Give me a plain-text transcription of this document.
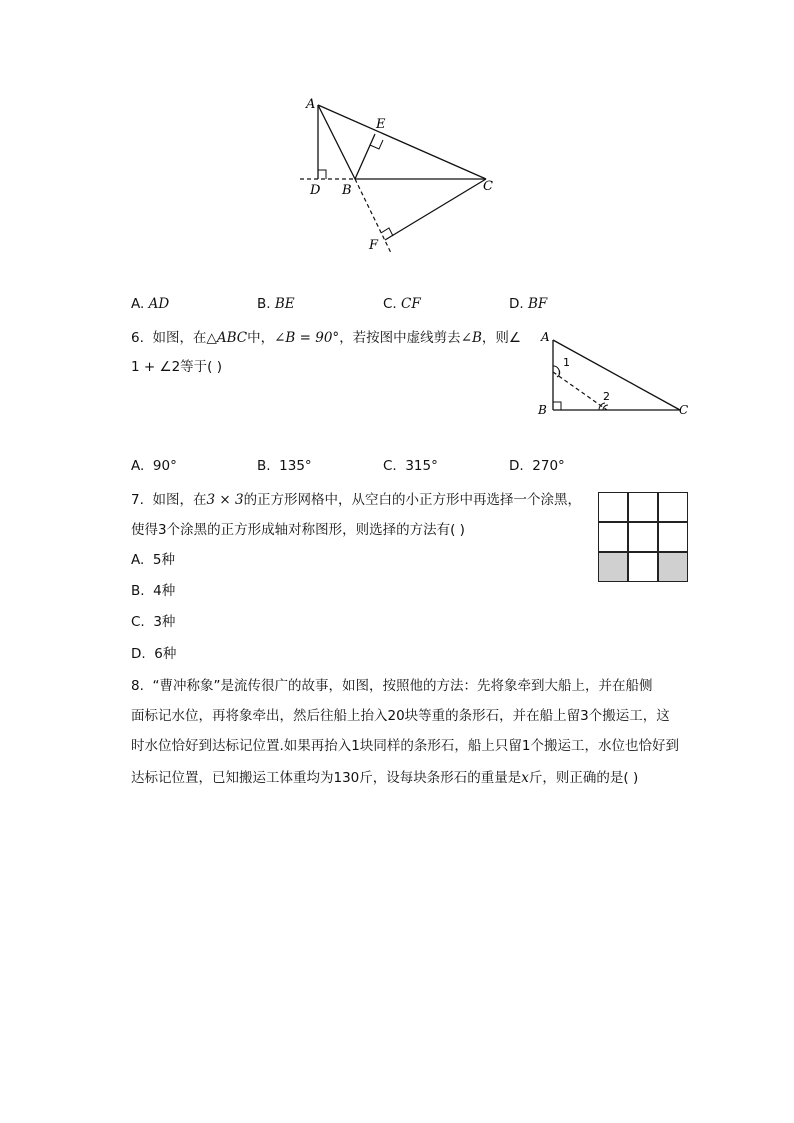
A
E
D B	C
F
A. AD	B. BE	C. CF	D. BF
6. 如图，在△ABC中，∠B = 90°，若按图中虚线剪去∠B，则∠
1 + ∠2等于( )
A
B	C
1
2
A. 90°	B. 135°	C. 315°	D. 270°
7. 如图，在3 × 3的正方形网格中，从空白的小正方形中再选择一个涂黑，
使得3个涂黑的正方形成轴对称图形，则选择的方法有( )
A. 5种
B. 4种
C. 3种
D. 6种
8. “曹冲称象”是流传很广的故事，如图，按照他的方法：先将象牵到大船上，并在船侧
面标记水位，再将象牵出，然后往船上抬入20块等重的条形石，并在船上留3个搬运工，这
时水位恰好到达标记位置.如果再抬入1块同样的条形石，船上只留1个搬运工，水位也恰好到
达标记位置，已知搬运工体重均为130斤，设每块条形石的重量是x斤，则正确的是( )
